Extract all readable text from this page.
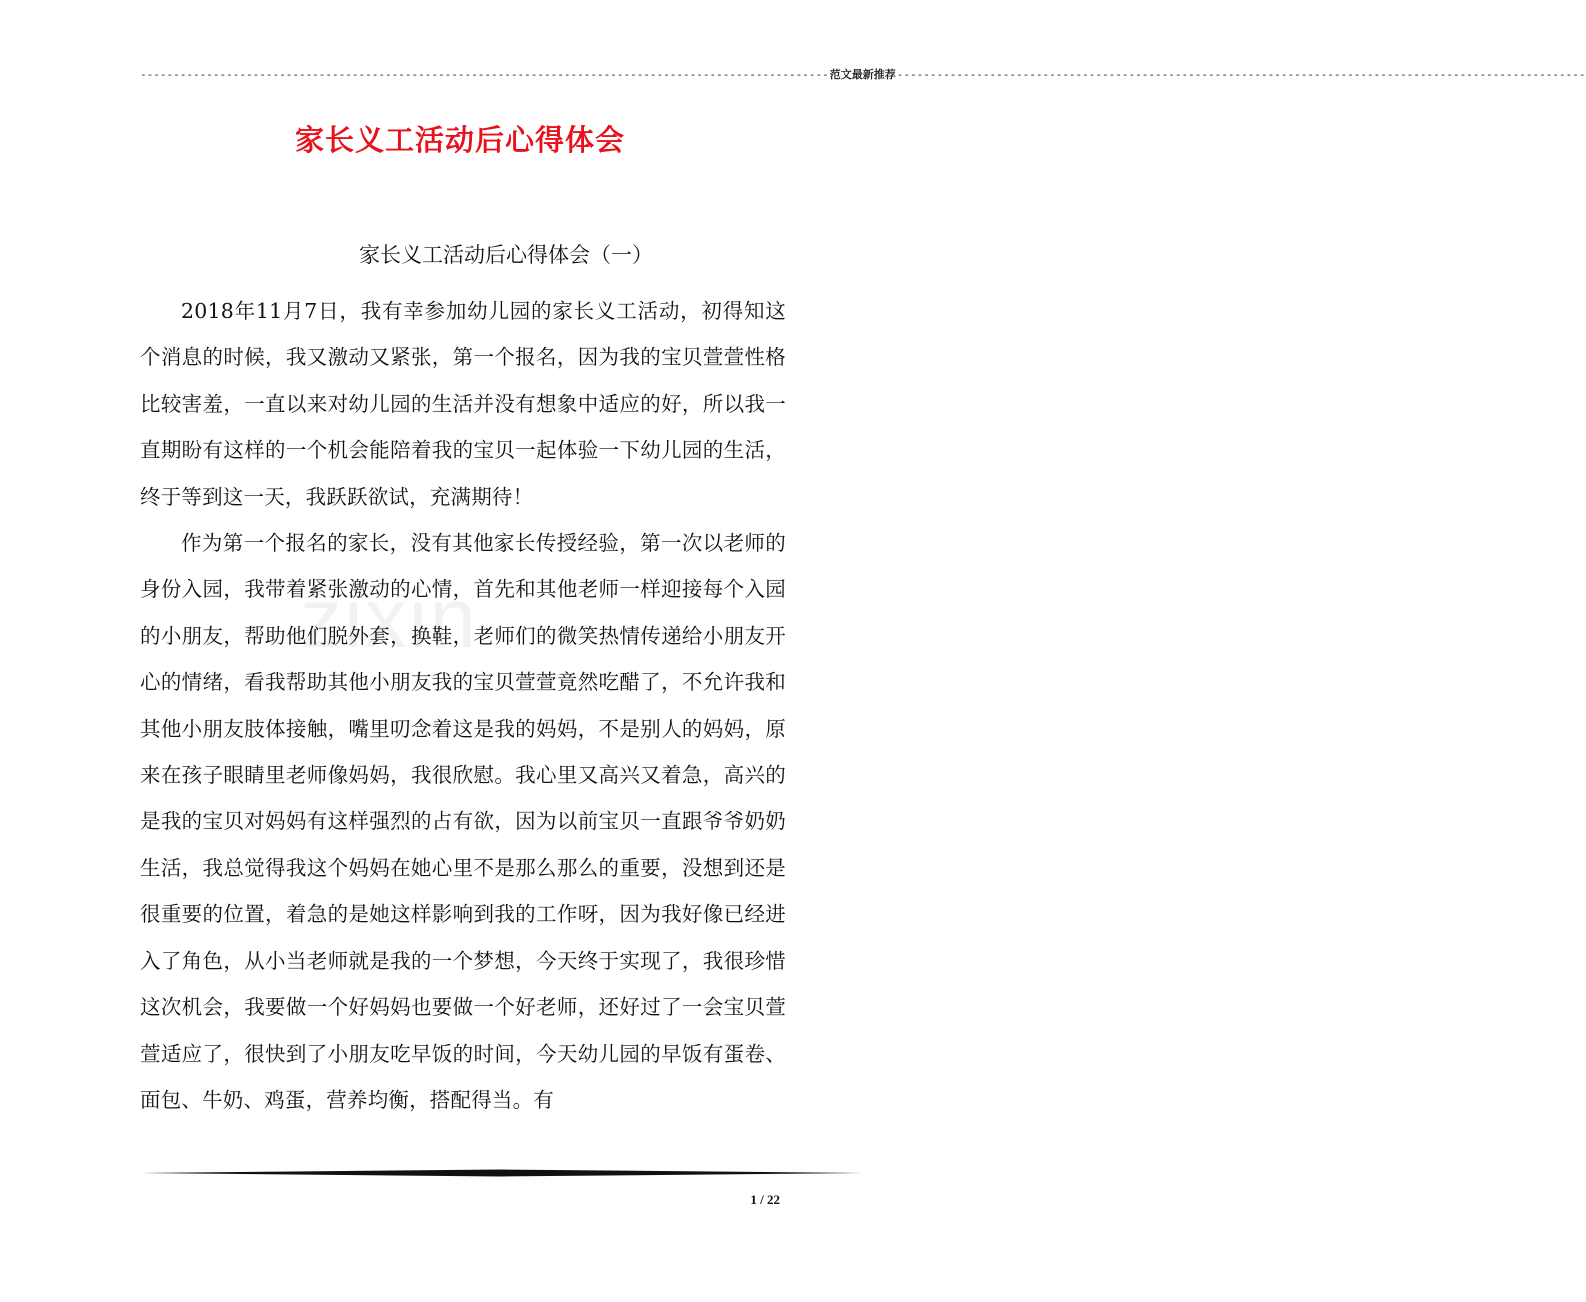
-------------------------------------------------------------------------------------------------------- 范文最新推荐 --------------------------------------------------------------------------------------------------------
家长义工活动后心得体会
家长义工活动后心得体会（一）
zixin

2018年11月7日，我有幸参加幼儿园的家长义工活动，初得知这个消息的时候，我又激动又紧张，第一个报名，因为我的宝贝萱萱性格比较害羞，一直以来对幼儿园的生活并没有想象中适应的好，所以我一直期盼有这样的一个机会能陪着我的宝贝一起体验一下幼儿园的生活，终于等到这一天，我跃跃欲试，充满期待！

作为第一个报名的家长，没有其他家长传授经验，第一次以老师的身份入园，我带着紧张激动的心情，首先和其他老师一样迎接每个入园的小朋友，帮助他们脱外套，换鞋，老师们的微笑热情传递给小朋友开心的情绪，看我帮助其他小朋友我的宝贝萱萱竟然吃醋了，不允许我和其他小朋友肢体接触，嘴里叨念着这是我的妈妈，不是别人的妈妈，原来在孩子眼睛里老师像妈妈，我很欣慰。我心里又高兴又着急，高兴的是我的宝贝对妈妈有这样强烈的占有欲，因为以前宝贝一直跟爷爷奶奶生活，我总觉得我这个妈妈在她心里不是那么那么的重要，没想到还是很重要的位置，着急的是她这样影响到我的工作呀，因为我好像已经进入了角色，从小当老师就是我的一个梦想，今天终于实现了，我很珍惜这次机会，我要做一个好妈妈也要做一个好老师，还好过了一会宝贝萱萱适应了，很快到了小朋友吃早饭的时间，今天幼儿园的早饭有蛋卷、面包、牛奶、鸡蛋，营养均衡，搭配得当。有

1 / 22
